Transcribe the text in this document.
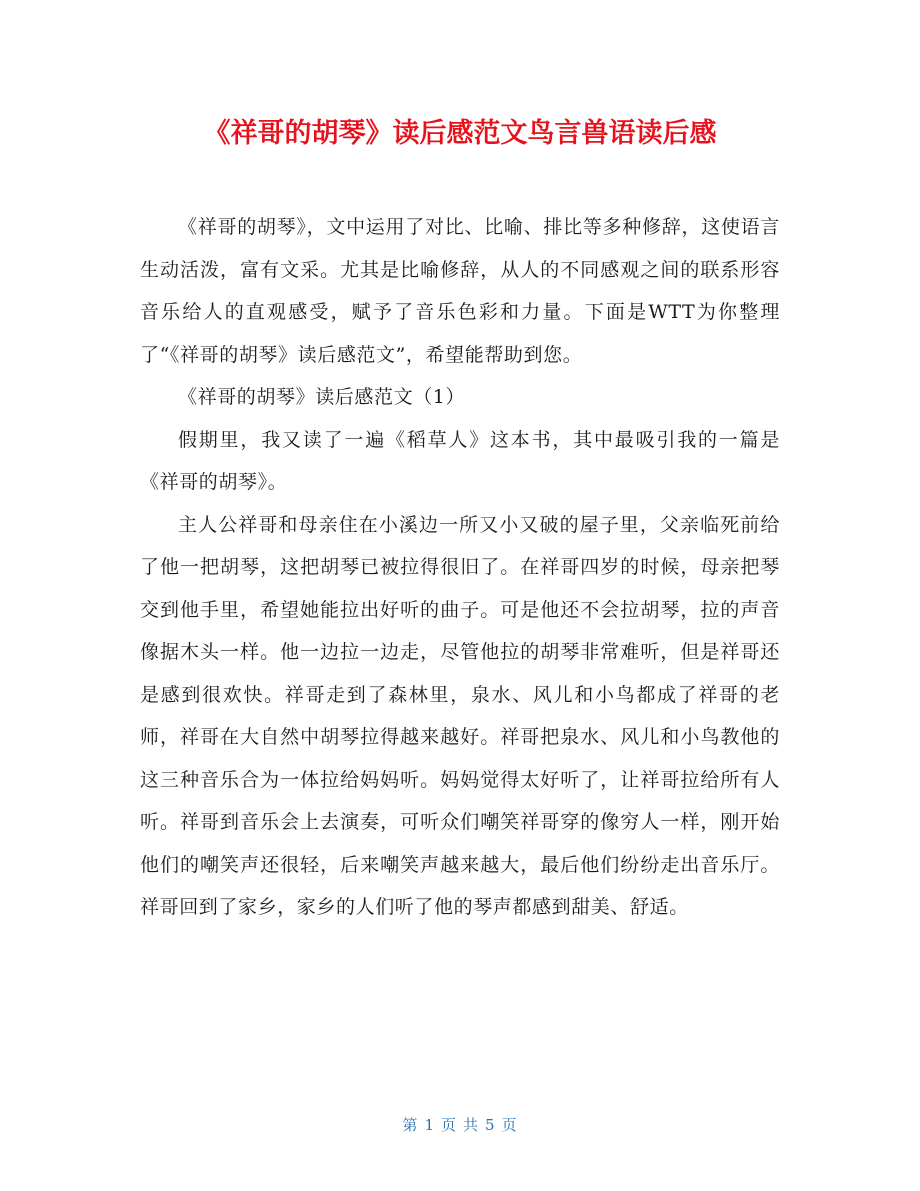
《祥哥的胡琴》读后感范文鸟言兽语读后感

《祥哥的胡琴》，文中运用了对比、比喻、排比等多种修辞，这使语言生动活泼，富有文采。尤其是比喻修辞，从人的不同感观之间的联系形容音乐给人的直观感受，赋予了音乐色彩和力量。下面是WTT为你整理了“《祥哥的胡琴》读后感范文”，希望能帮助到您。

《祥哥的胡琴》读后感范文（1）

假期里，我又读了一遍《稻草人》这本书，其中最吸引我的一篇是《祥哥的胡琴》。

主人公祥哥和母亲住在小溪边一所又小又破的屋子里，父亲临死前给了他一把胡琴，这把胡琴已被拉得很旧了。在祥哥四岁的时候，母亲把琴交到他手里，希望她能拉出好听的曲子。可是他还不会拉胡琴，拉的声音像据木头一样。他一边拉一边走，尽管他拉的胡琴非常难听，但是祥哥还是感到很欢快。祥哥走到了森林里，泉水、风儿和小鸟都成了祥哥的老师，祥哥在大自然中胡琴拉得越来越好。祥哥把泉水、风儿和小鸟教他的这三种音乐合为一体拉给妈妈听。妈妈觉得太好听了，让祥哥拉给所有人听。祥哥到音乐会上去演奏，可听众们嘲笑祥哥穿的像穷人一样，刚开始他们的嘲笑声还很轻，后来嘲笑声越来越大，最后他们纷纷走出音乐厅。祥哥回到了家乡，家乡的人们听了他的琴声都感到甜美、舒适。

第 1 页 共 5 页
